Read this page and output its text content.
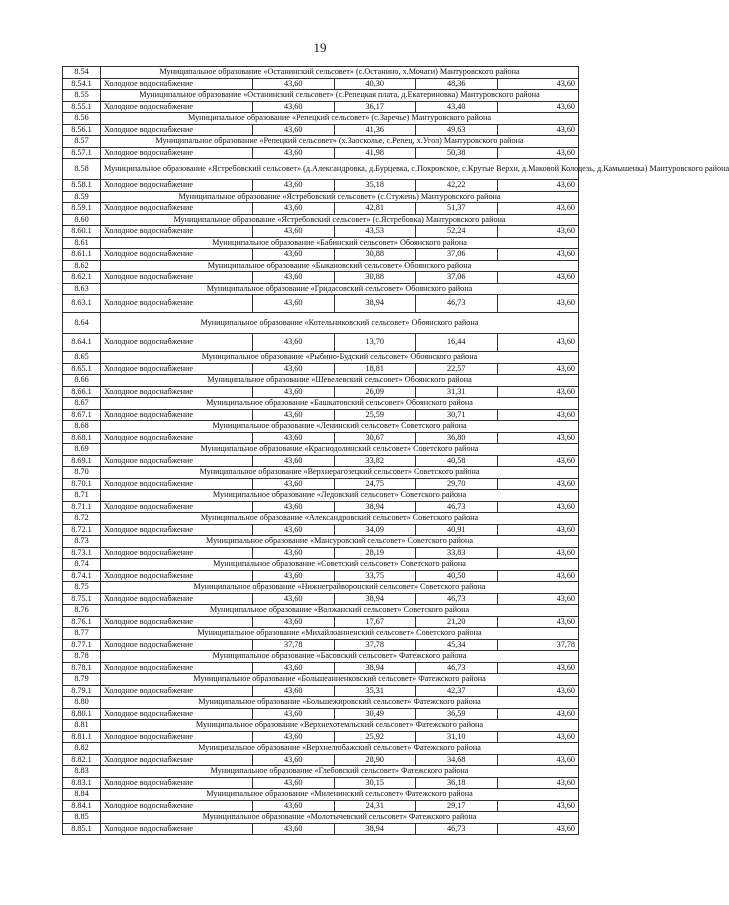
19
8.54	Муниципальное образование «Останинский сельсовет» (с.Останино, х.Мочаги) Мантуровского района				
8.54.1	Холодное водоснабжение	43,60	40,30	48,36	43,60
8.55	Муниципальное образование «Останинский сельсовет» (с.Репецкая плата, д.Екатериновка) Мантуровского района				
8.55.1	Холодное водоснабжение	43,60	36,17	43,40	43,60
8.56	Муниципальное образование «Репецкий сельсовет» (с.Заречье) Мантуровского района				
8.56.1	Холодное водоснабжение	43,60	41,36	49,63	43,60
8.57	Муниципальное образование «Репецкий сельсовет» (х.Заосколье, с.Репец, х.Угол) Мантуровского района				
8.57.1	Холодное водоснабжение	43,60	41,98	50,38	43,60
8.58	Муниципальное образование «Ястребовский сельсовет» (д.Александровка, д.Бурцевка, с.Покровское, с.Крутые Верхи, д.Маковой Колодезь, д.Камышенка) Мантуровского района				
8.58.1	Холодное водоснабжение	43,60	35,18	42,22	43,60
8.59	Муниципальное образование «Ястребовский сельсовет» (с.Стужень) Мантуровского района				
8.59.1	Холодное водоснабжение	43,60	42,81	51,37	43,60
8.60	Муниципальное образование «Ястребовский сельсовет» (с.Ястребовка) Мантуровского района				
8.60.1	Холодное водоснабжение	43,60	43,53	52,24	43,60
8.61	Муниципальное образование «Бабинский сельсовет» Обоянского района				
8.61.1	Холодное водоснабжение	43,60	30,88	37,06	43,60
8.62	Муниципальное образование «Быкановский сельсовет» Обоянского района				
8.62.1	Холодное водоснабжение	43,60	30,88	37,06	43,60
8.63	Муниципальное образование «Гридасовский сельсовет» Обоянского района				
8.63.1	Холодное водоснабжение	43,60	38,94	46,73	43,60
8.64	Муниципальное образование «Котельниковский сельсовет» Обоянского района				
8.64.1	Холодное водоснабжение	43,60	13,70	16,44	43,60
8.65	Муниципальное образование «Рыбино-Будский сельсовет» Обоянского района				
8.65.1	Холодное водоснабжение	43,60	18,81	22,57	43,60
8.66	Муниципальное образование «Шевелевский сельсовет» Обоянского района				
8.66.1	Холодное водоснабжение	43,60	26,09	31,31	43,60
8.67	Муниципальное образование «Башкатовский сельсовет» Обоянского района				
8.67.1	Холодное водоснабжение	43,60	25,59	30,71	43,60
8.68	Муниципальное образование «Ленинский сельсовет» Советского района				
8.68.1	Холодное водоснабжение	43,60	30,67	36,80	43,60
8.69	Муниципальное образование «Краснодолинский сельсовет» Советского района				
8.69.1	Холодное водоснабжение	43,60	33,82	40,58	43,60
8.70	Муниципальное образование «Верхнерагозецкий сельсовет» Советского района				
8.70.1	Холодное водоснабжение	43,60	24,75	29,70	43,60
8.71	Муниципальное образование «Ледовский сельсовет» Советского района				
8.71.1	Холодное водоснабжение	43,60	38,94	46,73	43,60
8.72	Муниципальное образование «Александровский сельсовет» Советского района				
8.72.1	Холодное водоснабжение	43,60	34,09	40,91	43,60
8.73	Муниципальное образование «Мансуровский сельсовет» Советского района				
8.73.1	Холодное водоснабжение	43,60	28,19	33,83	43,60
8.74	Муниципальное образование «Советский сельсовет» Советского района				
8.74.1	Холодное водоснабжение	43,60	33,75	40,50	43,60
8.75	Муниципальное образование «Нижнеграйворонский сельсовет» Советского района				
8.75.1	Холодное водоснабжение	43,60	38,94	46,73	43,60
8.76	Муниципальное образование «Волжанский сельсовет» Советского района				
8.76.1	Холодное водоснабжение	43,60	17,67	21,20	43,60
8.77	Муниципальное образование «Михайлоанненский сельсовет» Советского района				
8.77.1	Холодное водоснабжение	37,78	37,78	45,34	37,78
8.78	Муниципальное образование «Басовский сельсовет» Фатежского района				
8.78.1	Холодное водоснабжение	43,60	38,94	46,73	43,60
8.79	Муниципальное образование «Большеанненковский сельсовет» Фатежского района				
8.79.1	Холодное водоснабжение	43,60	35,31	42,37	43,60
8.80	Муниципальное образование «Большежировский сельсовет» Фатежского района				
8.80.1	Холодное водоснабжение	43,60	30,49	36,59	43,60
8.81	Муниципальное образование «Верхнехотемльский сельсовет» Фатежского района				
8.81.1	Холодное водоснабжение	43,60	25,92	31,10	43,60
8.82	Муниципальное образование «Верхнелюбажский сельсовет» Фатежского района				
8.82.1	Холодное водоснабжение	43,60	28,90	34,68	43,60
8.83	Муниципальное образование «Глебовский сельсовет» Фатежского района				
8.83.1	Холодное водоснабжение	43,60	30,15	36,18	43,60
8.84	Муниципальное образование «Миленинский сельсовет» Фатежского района				
8.84.1	Холодное водоснабжение	43,60	24,31	29,17	43,60
8.85	Муниципальное образование «Молотычевский сельсовет» Фатежского района				
8.85.1	Холодное водоснабжение	43,60	38,94	46,73	43,60
